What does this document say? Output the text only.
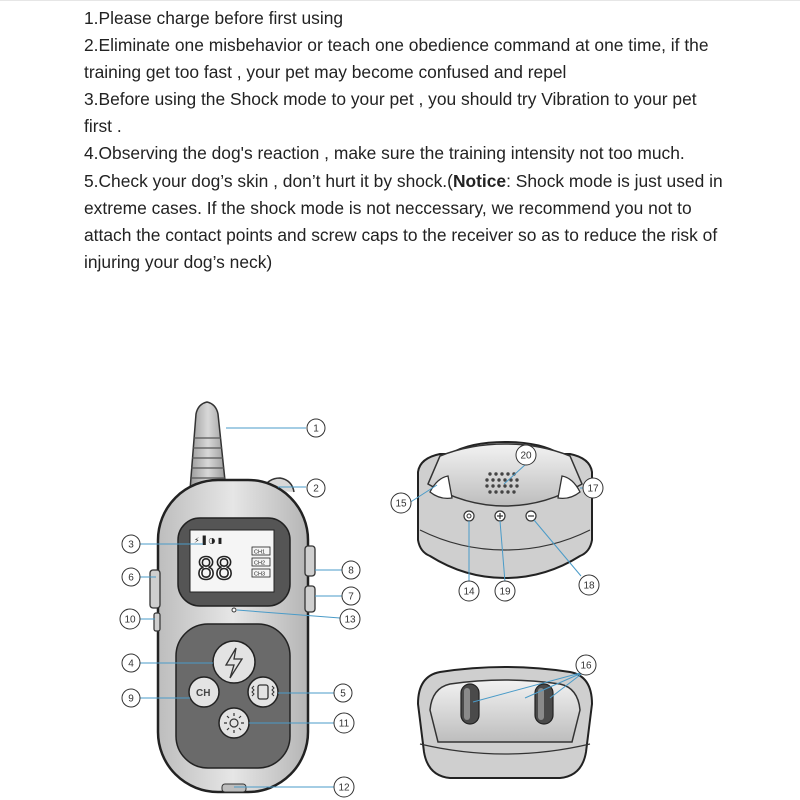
1.Please charge before first using
2.Eliminate one misbehavior or teach one obedience command at one time, if the training get too fast , your pet may become confused and repel
3.Before using the Shock mode to your pet , you should try Vibration to your pet first .
4.Observing the dog's reaction , make sure the training intensity not too much.
5.Check your dog’s skin , don’t hurt it by shock.(Notice: Shock mode is just used in extreme cases. If the shock mode is not neccessary, we recommend you not to attach the contact points and screw caps to the receiver so as to reduce the risk of injuring your dog’s neck)
⚡▐ ◑ ▮
88	CH1
CH2
CH3
CH
1
2
3
6
10
4
9
8
7
13
5
11
12
15
20
17
14 19
18
16
